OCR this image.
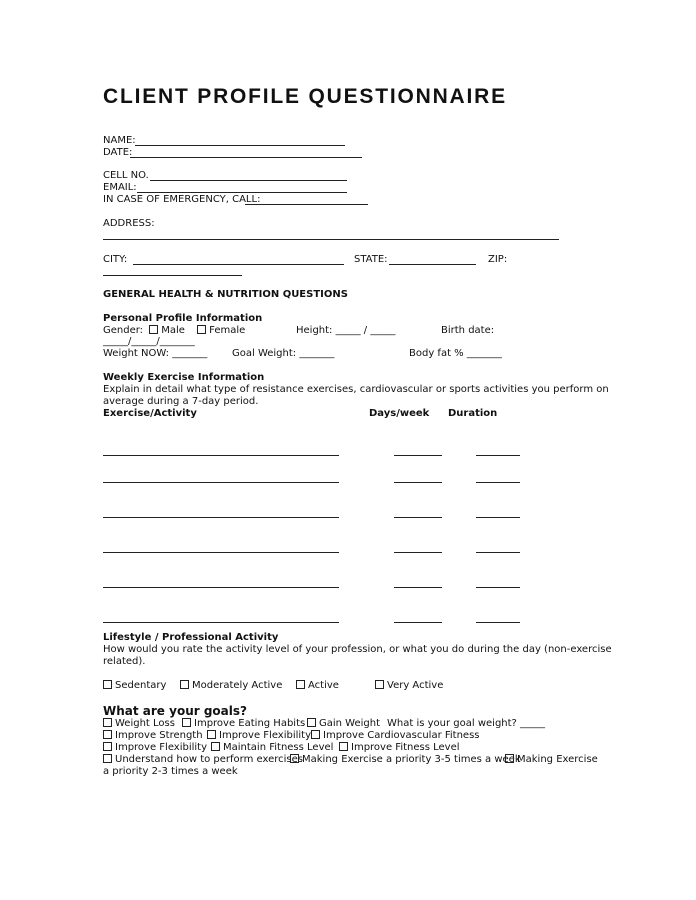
CLIENT PROFILE QUESTIONNAIRE
NAME:
DATE:
CELL NO.
EMAIL:
IN CASE OF EMERGENCY, CALL:
ADDRESS:
CITY:	STATE:	ZIP:
GENERAL HEALTH & NUTRITION QUESTIONS
Personal Profile Information
Gender: Male Female	Height: _____ / _____	Birth date:
_____/_____/_______
Weight NOW: _______ Goal Weight: _______	Body fat % _______
Weekly Exercise Information
Explain in detail what type of resistance exercises, cardiovascular or sports activities you perform on
average during a 7-day period.
Exercise/Activity	Days/week Duration
Lifestyle / Professional Activity
How would you rate the activity level of your profession, or what you do during the day (non-exercise
related).
Sedentary	Moderately Active	Active	Very Active
What are your goals?
Weight Loss	Improve Eating Habits	Gain Weight What is your goal weight? _____
Improve Strength	Improve Flexibility	Improve Cardiovascular Fitness
Improve Flexibility	Maintain Fitness Level	Improve Fitness Level
Understand how to perform exercises
Making Exercise a priority 3-5 times a week
Making Exercise
a priority 2-3 times a week
